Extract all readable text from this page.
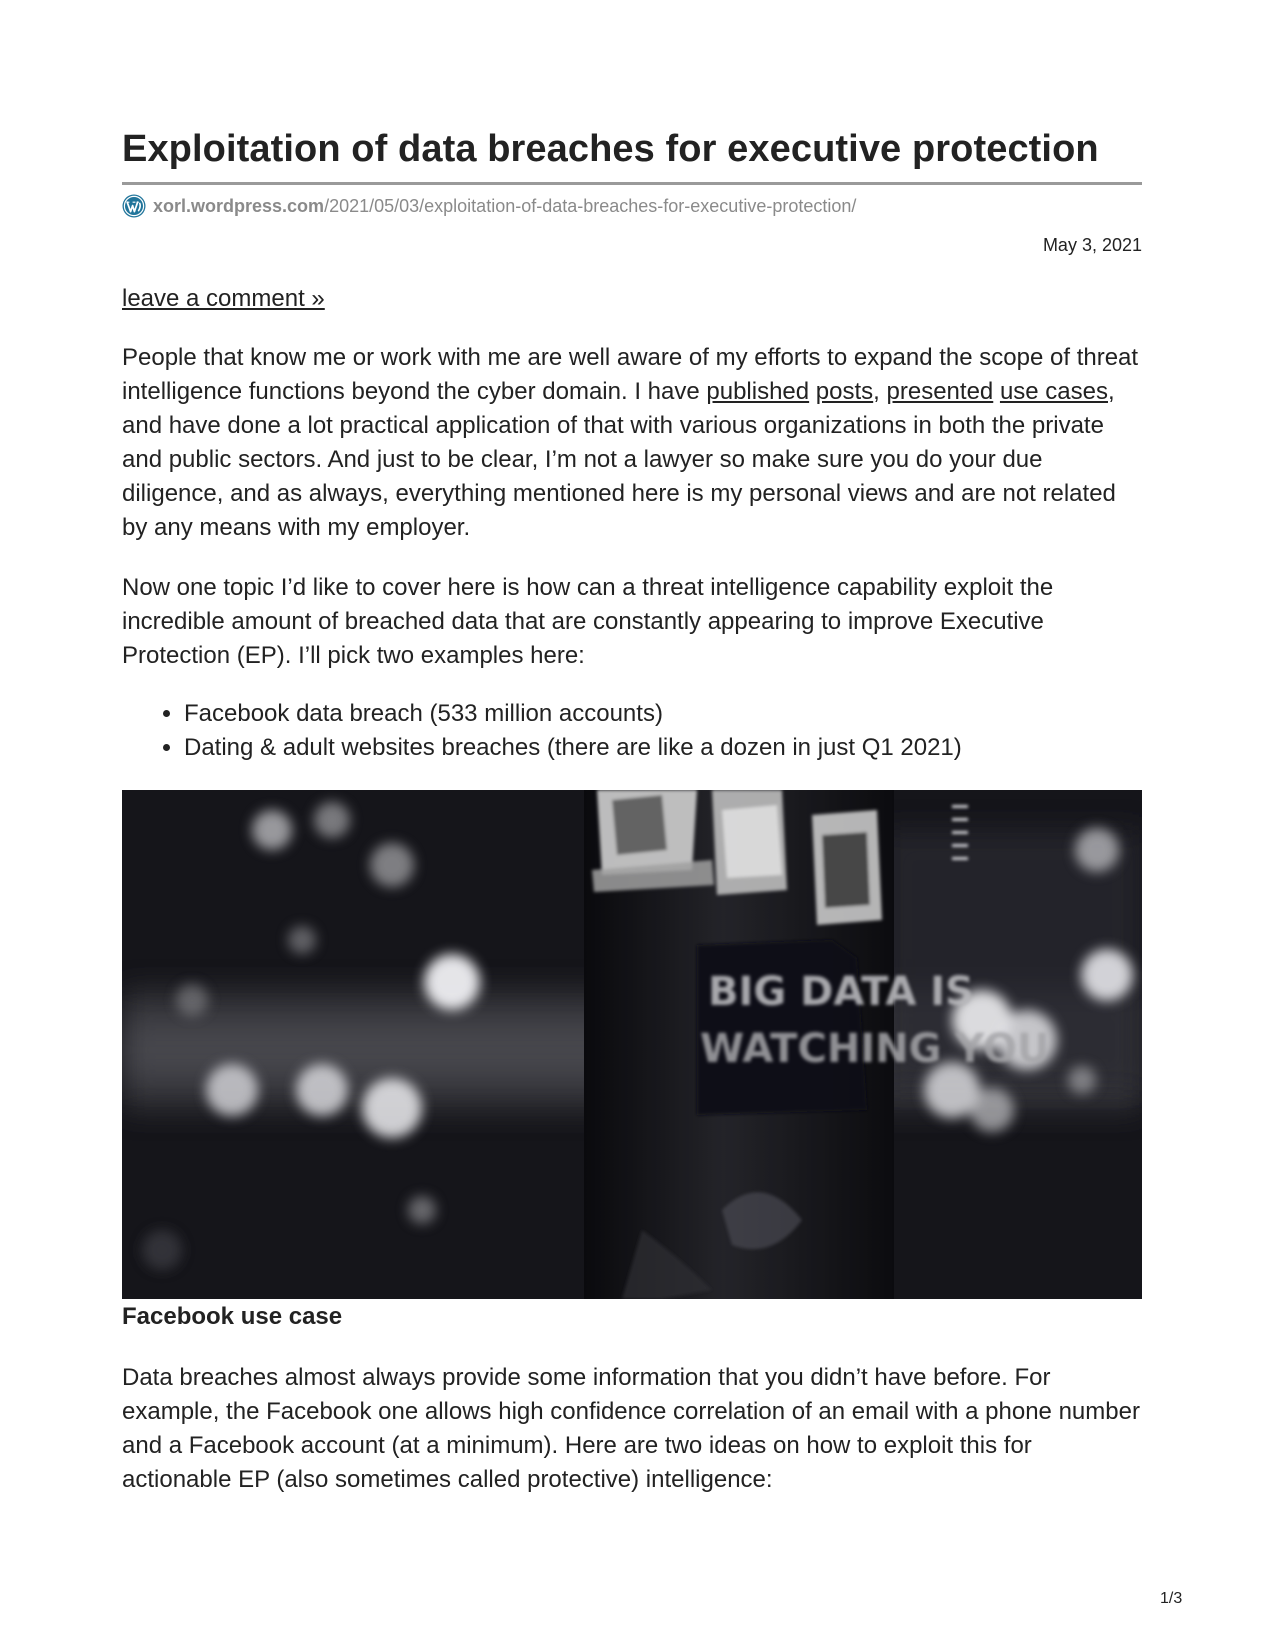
Exploitation of data breaches for executive protection
xorl.wordpress.com /2021/05/03/exploitation-of-data-breaches-for-executive-protection/
May 3, 2021
leave a comment »

People that know me or work with me are well aware of my efforts to expand the scope of threat intelligence functions beyond the cyber domain. I have published posts, presented use cases, and have done a lot practical application of that with various organizations in both the private and public sectors. And just to be clear, I’m not a lawyer so make sure you do your due diligence, and as always, everything mentioned here is my personal views and are not related by any means with my employer.

Now one topic I’d like to cover here is how can a threat intelligence capability exploit the incredible amount of breached data that are constantly appearing to improve Executive Protection (EP). I’ll pick two examples here:

• Facebook data breach (533 million accounts)
• Dating & adult websites breaches (there are like a dozen in just Q1 2021)
BIG DATA IS
WATCHING YOU
Facebook use case

Data breaches almost always provide some information that you didn’t have before. For example, the Facebook one allows high confidence correlation of an email with a phone number and a Facebook account (at a minimum). Here are two ideas on how to exploit this for actionable EP (also sometimes called protective) intelligence:

1/3
